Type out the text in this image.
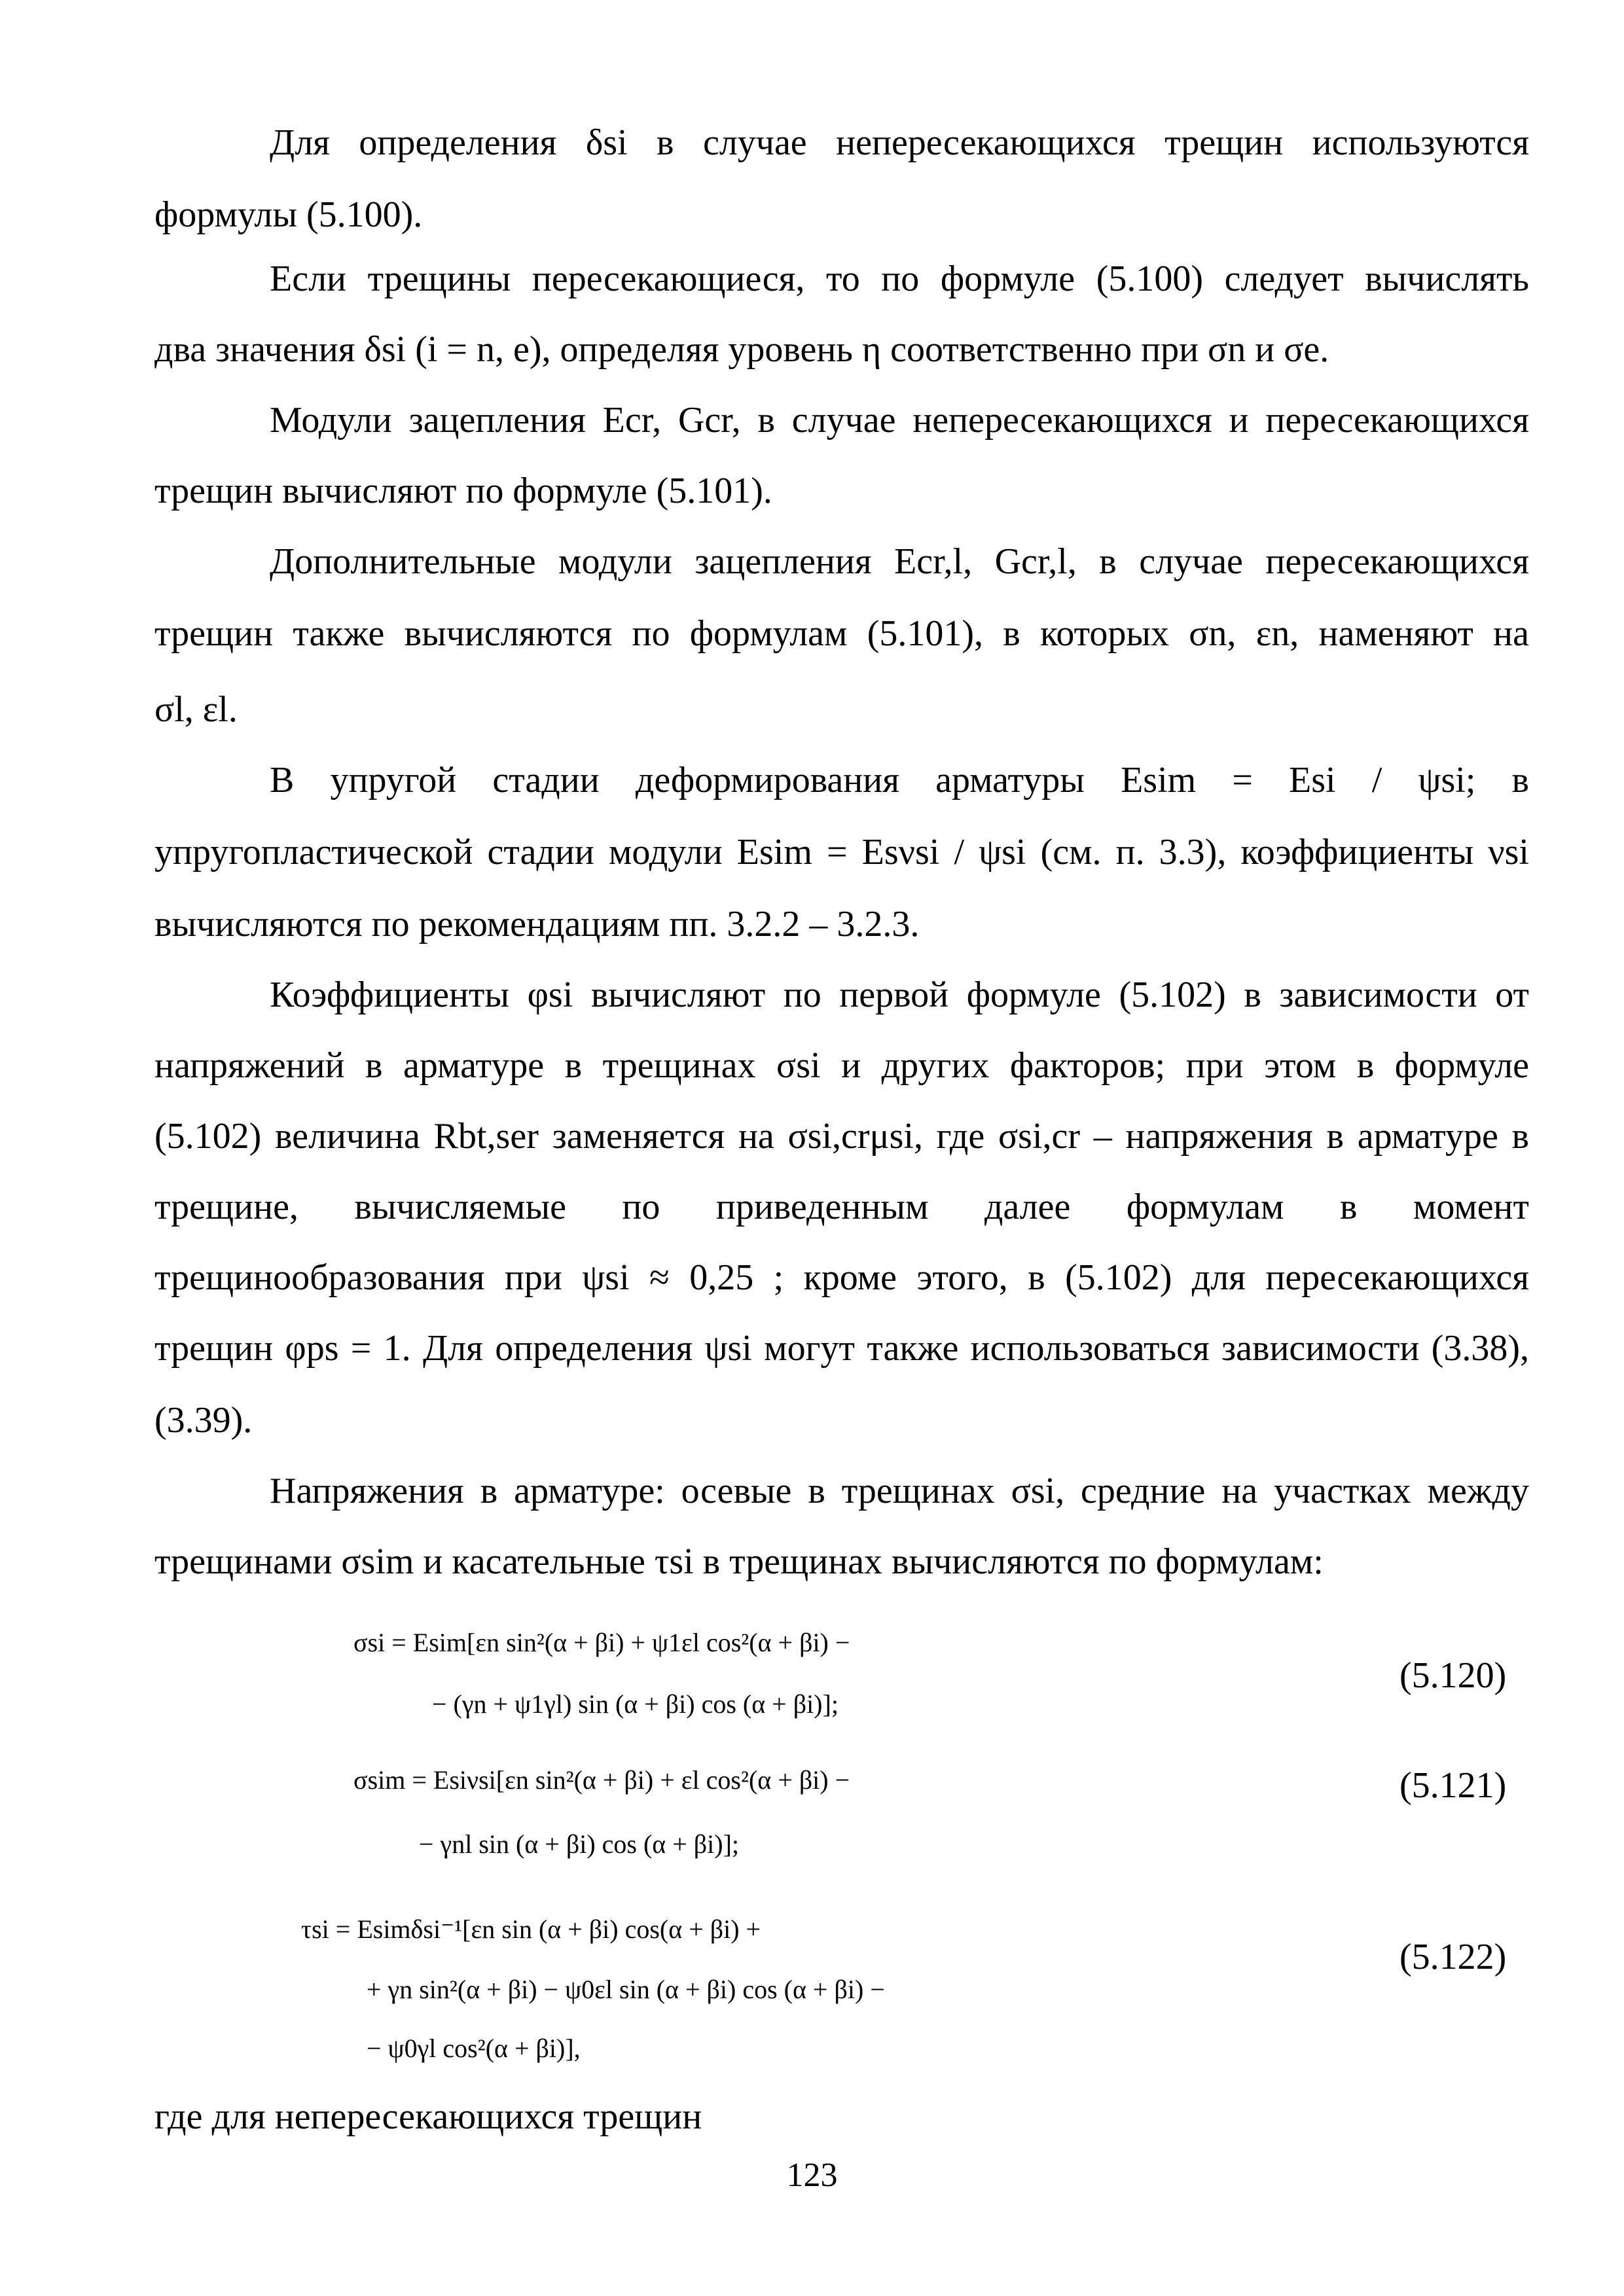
Для определения δsi в случае непересекающихся трещин используются
формулы (5.100).
Если трещины пересекающиеся, то по формуле (5.100) следует вычислять
два значения δsi (i = n, e), определяя уровень η соответственно при σn и σe.
Модули зацепления Ecr, Gcr, в случае непересекающихся и пересекающихся
трещин вычисляют по формуле (5.101).
Дополнительные модули зацепления Ecr,l, Gcr,l, в случае пересекающихся
трещин также вычисляются по формулам (5.101), в которых σn, εn, наменяют на
σl, εl.
В упругой стадии деформирования арматуры Esim = Esi / ψsi; в
упругопластической стадии модули Esim = Esνsi / ψsi (см. п. 3.3), коэффициенты νsi
вычисляются по рекомендациям пп. 3.2.2 – 3.2.3.
Коэффициенты φsi вычисляют по первой формуле (5.102) в зависимости от
напряжений в арматуре в трещинах σsi и других факторов; при этом в формуле
(5.102) величина Rbt,ser заменяется на σsi,crμsi, где σsi,cr – напряжения в арматуре в
трещине, вычисляемые по приведенным далее формулам в момент
трещинообразования при ψsi ≈ 0,25 ; кроме этого, в (5.102) для пересекающихся
трещин φps = 1. Для определения ψsi могут также использоваться зависимости (3.38),
(3.39).
Напряжения в арматуре: осевые в трещинах σsi, средние на участках между
трещинами σsim и касательные τsi в трещинах вычисляются по формулам:
σsi = Esim[εn sin²(α + βi) + ψ1εl cos²(α + βi) −
− (γn + ψ1γl) sin (α + βi) cos (α + βi)];
(5.120)
σsim = Esiνsi[εn sin²(α + βi) + εl cos²(α + βi) −
− γnl sin (α + βi) cos (α + βi)];
(5.121)
τsi = Esimδsi⁻¹[εn sin (α + βi) cos(α + βi) +
+ γn sin²(α + βi) − ψ0εl sin (α + βi) cos (α + βi) −
− ψ0γl cos²(α + βi)],
(5.122)
где для непересекающихся трещин
123
